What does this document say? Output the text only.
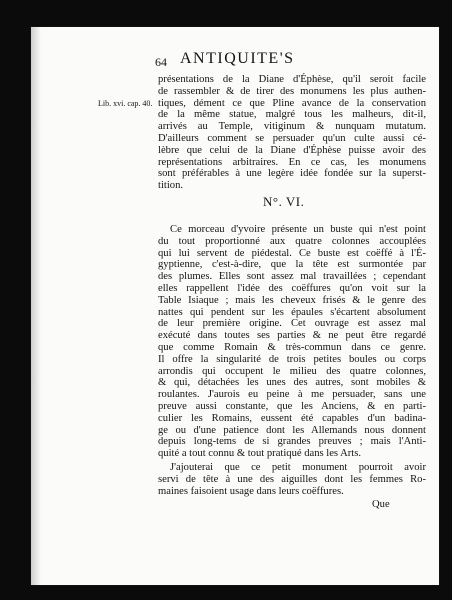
64 ANTIQUITE'S
Lib. xvi. cap. 40.
présentations de la Diane d'Éphèse, qu'il seroit facile
de rassembler & de tirer des monumens les plus authen-
tiques, dément ce que Pline avance de la conservation
de la même statue, malgré tous les malheurs, dit-il,
arrivés au Temple, vitiginum & nunquam mutatum.
D'ailleurs comment se persuader qu'un culte aussi cé-
lèbre que celui de la Diane d'Éphèse puisse avoir des
représentations arbitraires. En ce cas, les monumens
sont préférables à une legère idée fondée sur la superst-
tition.
N°. VI.
Ce morceau d'yvoire présente un buste qui n'est point
du tout proportionné aux quatre colonnes accouplées
qui lui servent de piédestal. Ce buste est coëffé à l'É-
gyptienne, c'est-à-dire, que la tête est surmontée par
des plumes. Elles sont assez mal travaillées ; cependant
elles rappellent l'idée des coëffures qu'on voit sur la
Table Isiaque ; mais les cheveux frisés & le genre des
nattes qui pendent sur les épaules s'écartent absolument
de leur première origine. Cet ouvrage est assez mal
exécuté dans toutes ses parties & ne peut être regardé
que comme Romain & très-commun dans ce genre.
Il offre la singularité de trois petites boules ou corps
arrondis qui occupent le milieu des quatre colonnes,
& qui, détachées les unes des autres, sont mobiles &
roulantes. J'aurois eu peine à me persuader, sans une
preuve aussi constante, que les Anciens, & en parti-
culier les Romains, eussent été capables d'un badina-
ge ou d'une patience dont les Allemands nous donnent
depuis long-tems de si grandes preuves ; mais l'Anti-
quité a tout connu & tout pratiqué dans les Arts.
J'ajouterai que ce petit monument pourroit avoir
servi de tête à une des aiguilles dont les femmes Ro-
maines faisoient usage dans leurs coëffures.
Que
